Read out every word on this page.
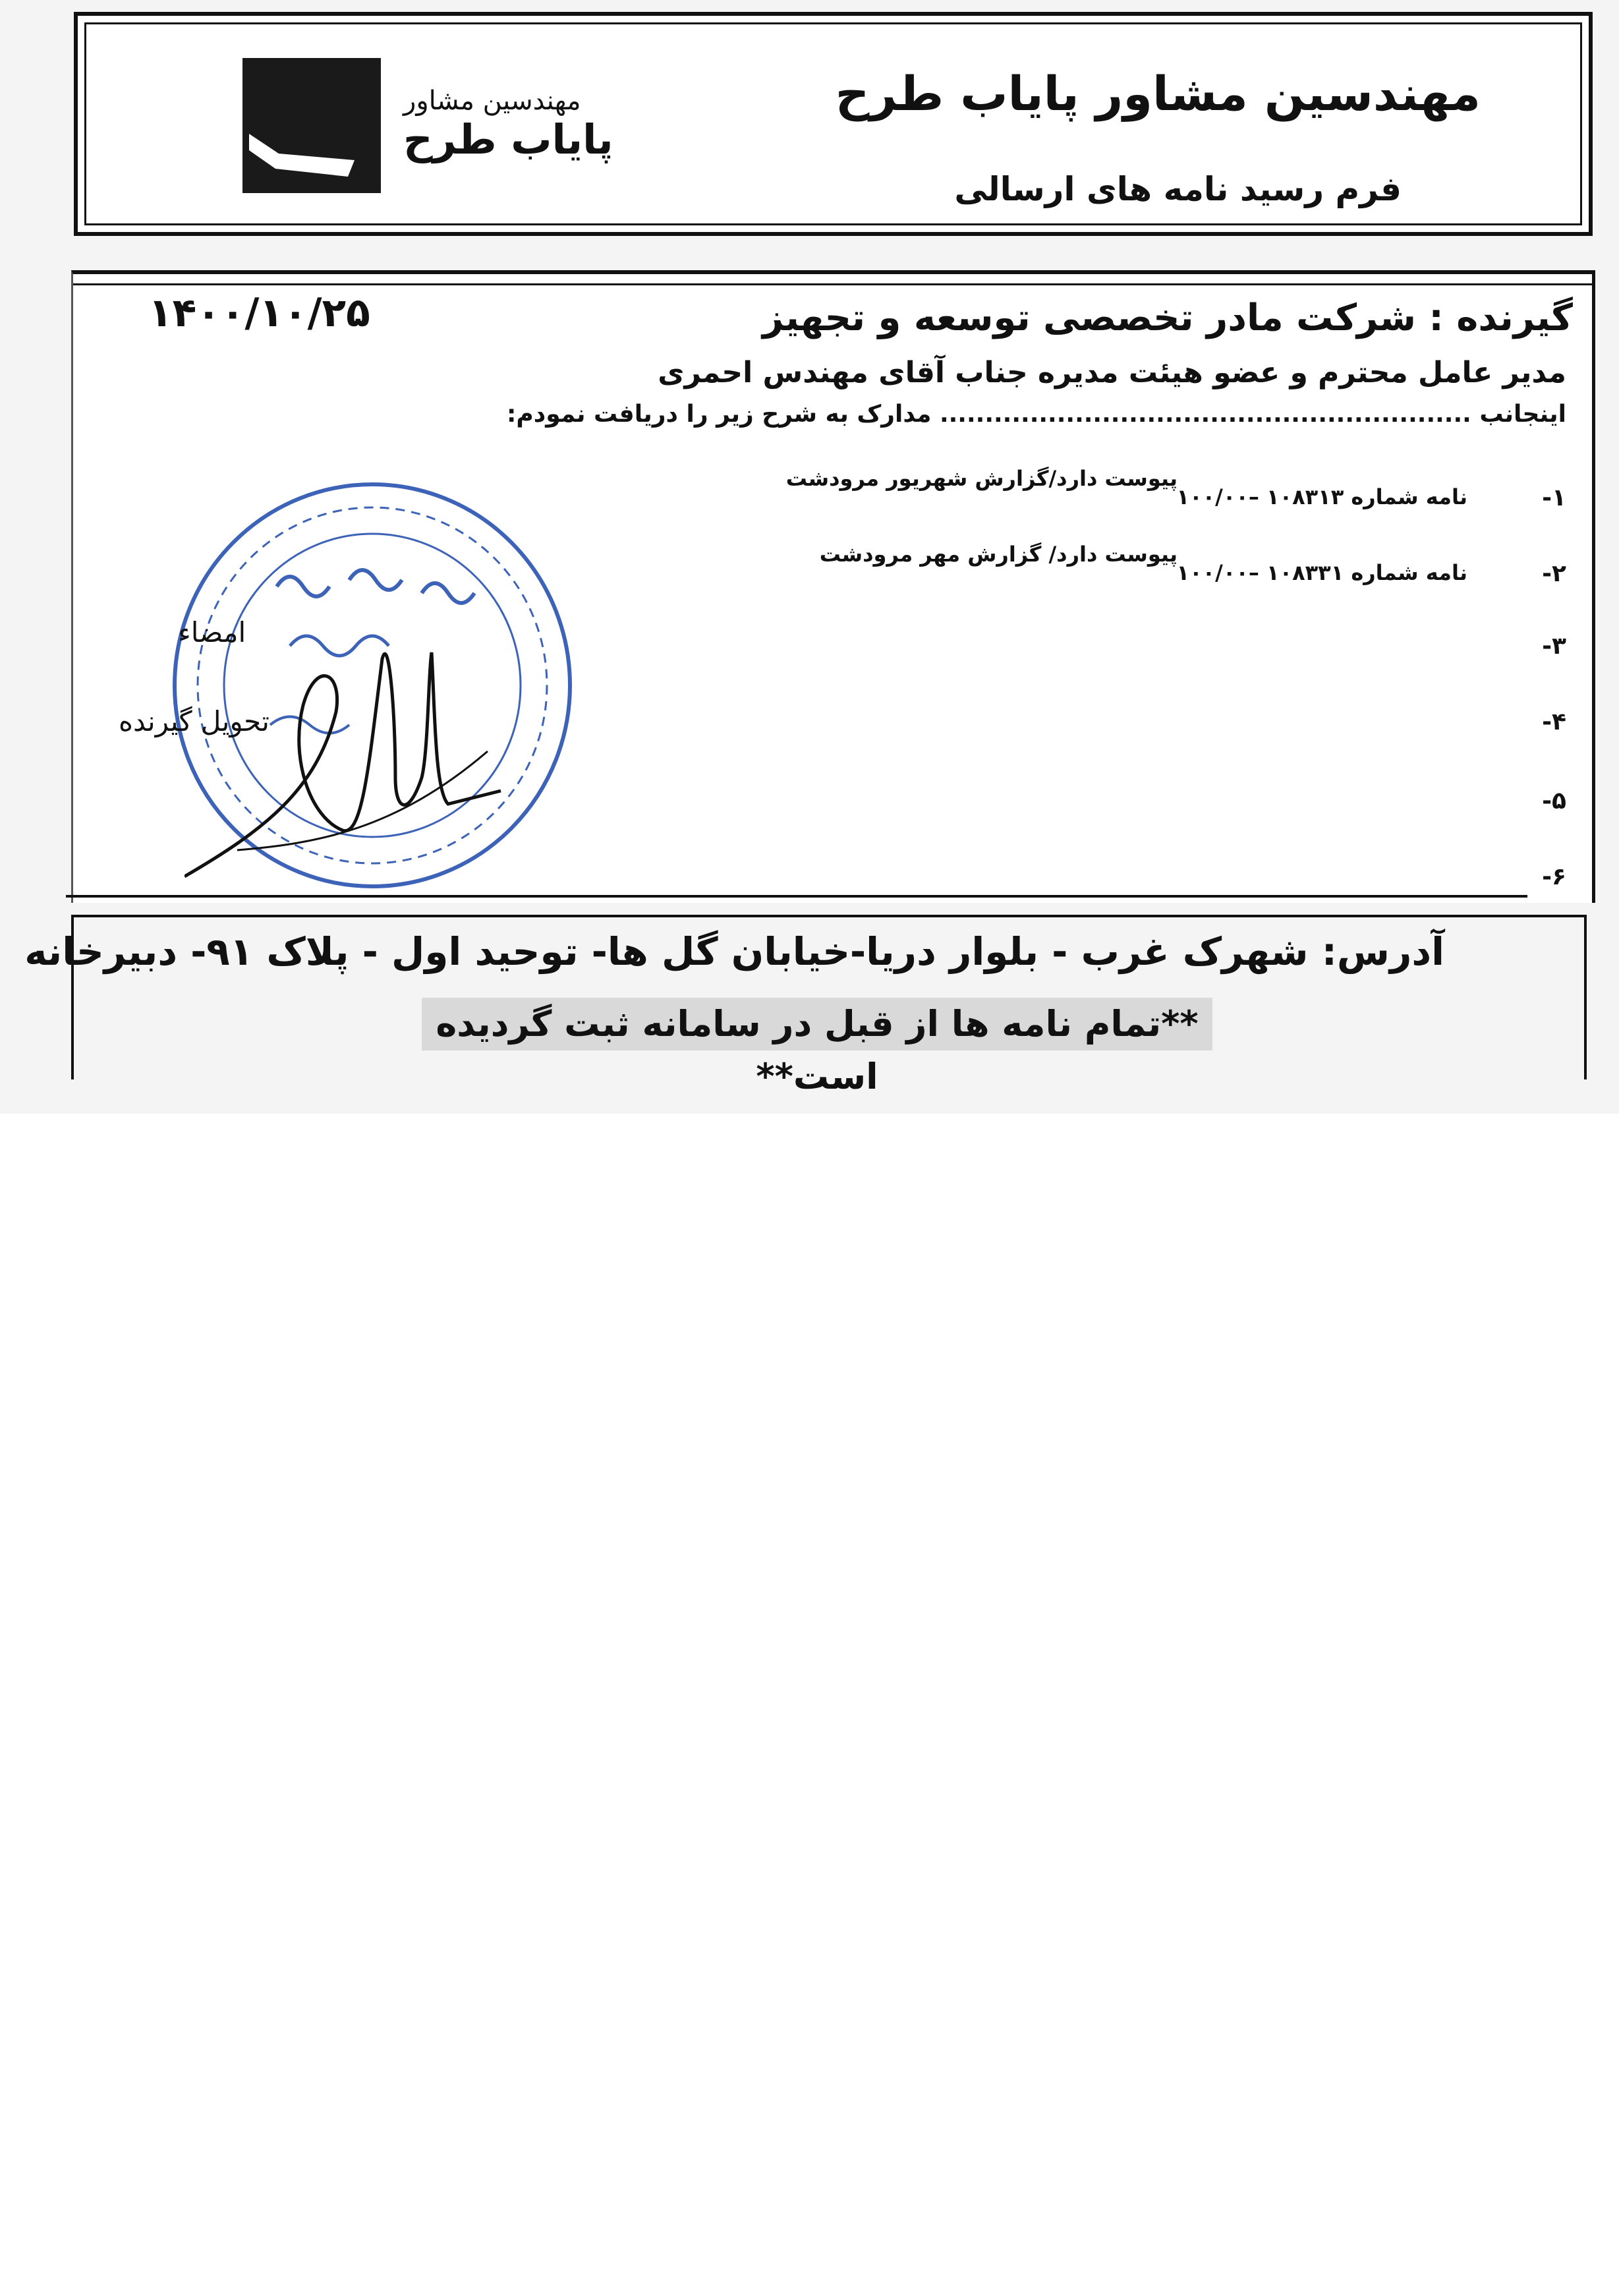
مهندسین مشاور پایاب طرح
فرم رسید نامه های ارسالی
مهندسین مشاور
پایاب طرح
۱۴۰۰/۱۰/۲۵	گیرنده : شرکت مادر تخصصی توسعه و تجهیز
مدیر عامل محترم و عضو هیئت مدیره جناب آقای مهندس احمری
اینجانب ........................................................... مدارک به شرح زیر را دریافت نمودم:
۱-
نامه شماره ۱۰۸۳۱۳ –۱۰۰/۰۰
پیوست دارد/گزارش شهریور مرودشت
۲-
نامه شماره ۱۰۸۳۳۱ –۱۰۰/۰۰
پیوست دارد/ گزارش مهر مرودشت
۳-
۴-
۵-
۶-
امضاء
تحویل گیرنده
آدرس: شهرک غرب - بلوار دریا-خیابان گل ها- توحید اول - پلاک ۹۱- دبیرخانه
**تمام نامه ها از قبل در سامانه ثبت گردیده است**
